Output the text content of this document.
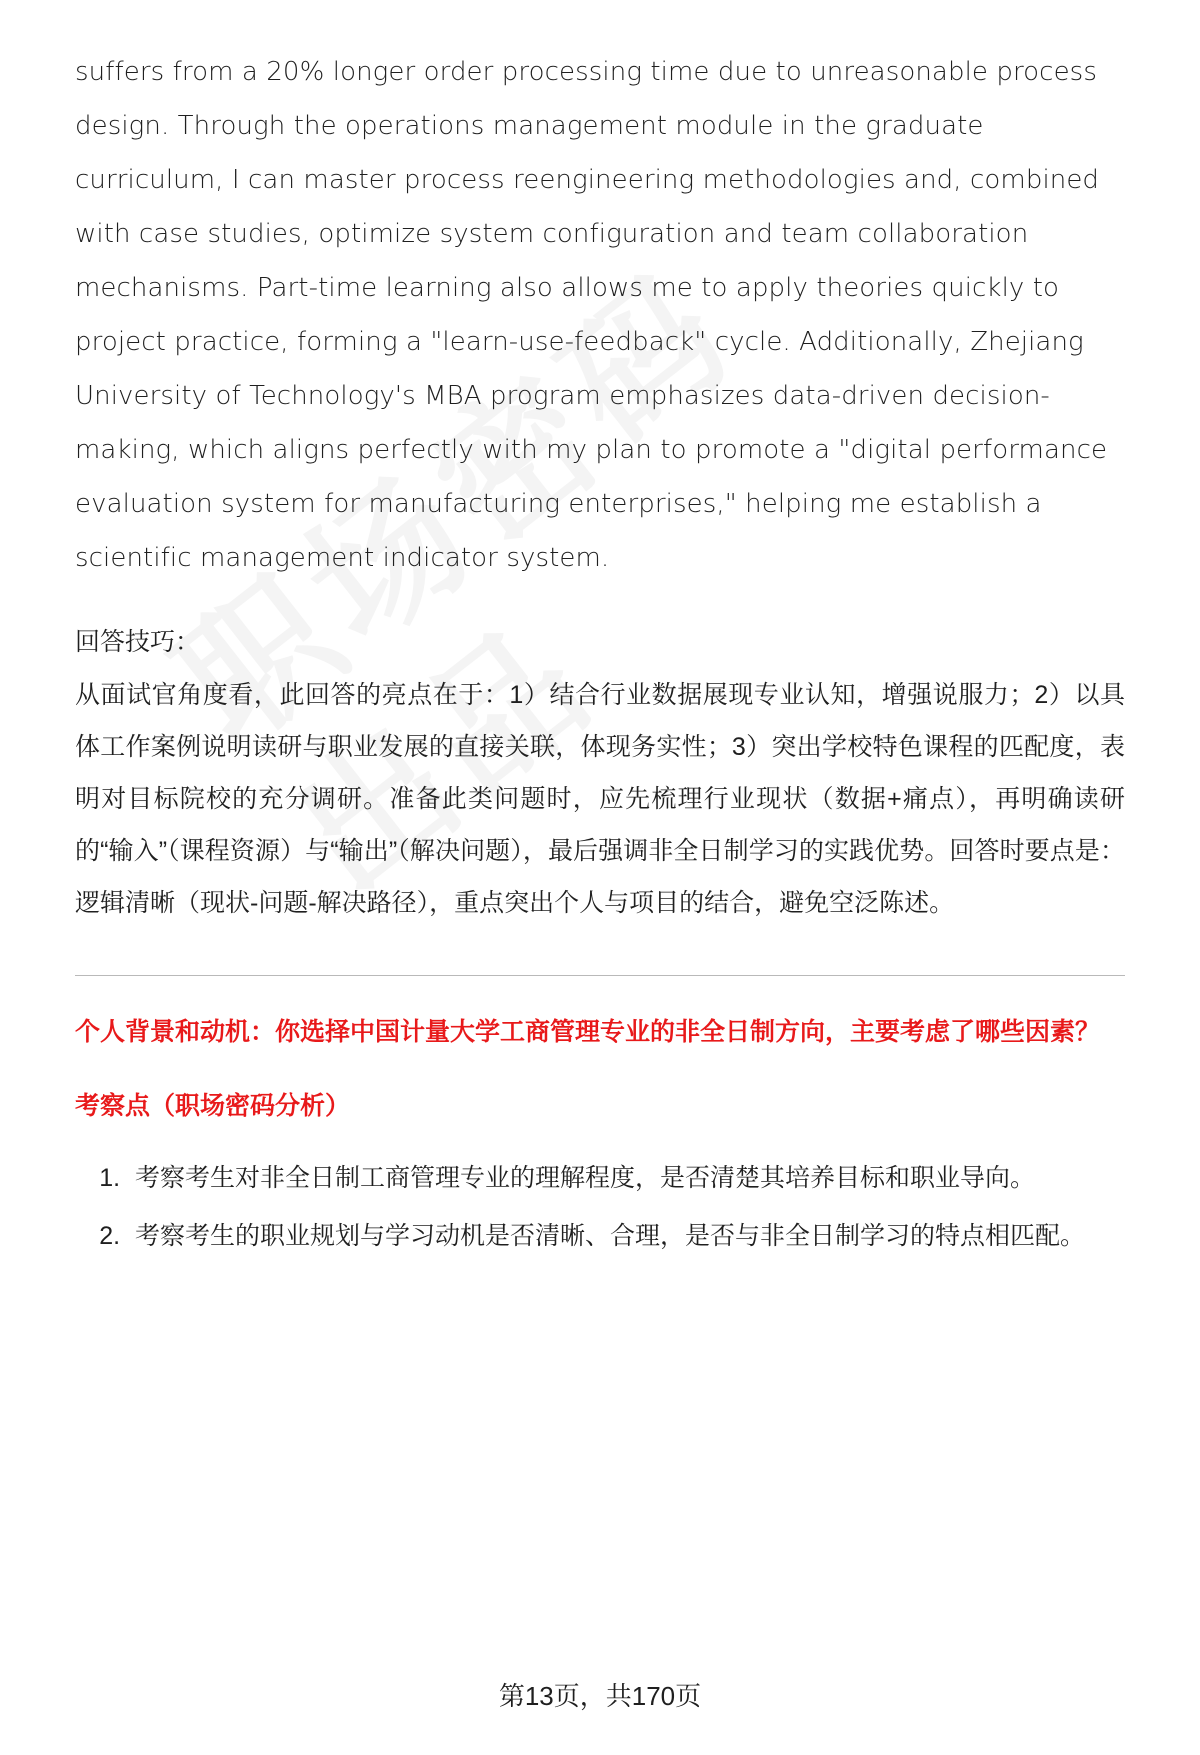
suffers from a 20% longer order processing time due to unreasonable process design. Through the operations management module in the graduate curriculum, I can master process reengineering methodologies and, combined with case studies, optimize system configuration and team collaboration mechanisms. Part-time learning also allows me to apply theories quickly to project practice, forming a "learn-use-feedback" cycle. Additionally, Zhejiang University of Technology's MBA program emphasizes data-driven decision-making, which aligns perfectly with my plan to promote a "digital performance evaluation system for manufacturing enterprises," helping me establish a scientific management indicator system.

回答技巧：

从面试官角度看，此回答的亮点在于：1）结合行业数据展现专业认知，增强说服力；2）以具体工作案例说明读研与职业发展的直接关联，体现务实性；3）突出学校特色课程的匹配度，表明对目标院校的充分调研。准备此类问题时，应先梳理行业现状（数据+痛点），再明确读研的“输入”（课程资源）与“输出”（解决问题），最后强调非全日制学习的实践优势。回答时要点是：逻辑清晰（现状-问题-解决路径），重点突出个人与项目的结合，避免空泛陈述。

个人背景和动机：你选择中国计量大学工商管理专业的非全日制方向，主要考虑了哪些因素？

考察点（职场密码分析）

1. 考察考生对非全日制工商管理专业的理解程度，是否清楚其培养目标和职业导向。
2. 考察考生的职业规划与学习动机是否清晰、合理，是否与非全日制学习的特点相匹配。
第13页，共170页
